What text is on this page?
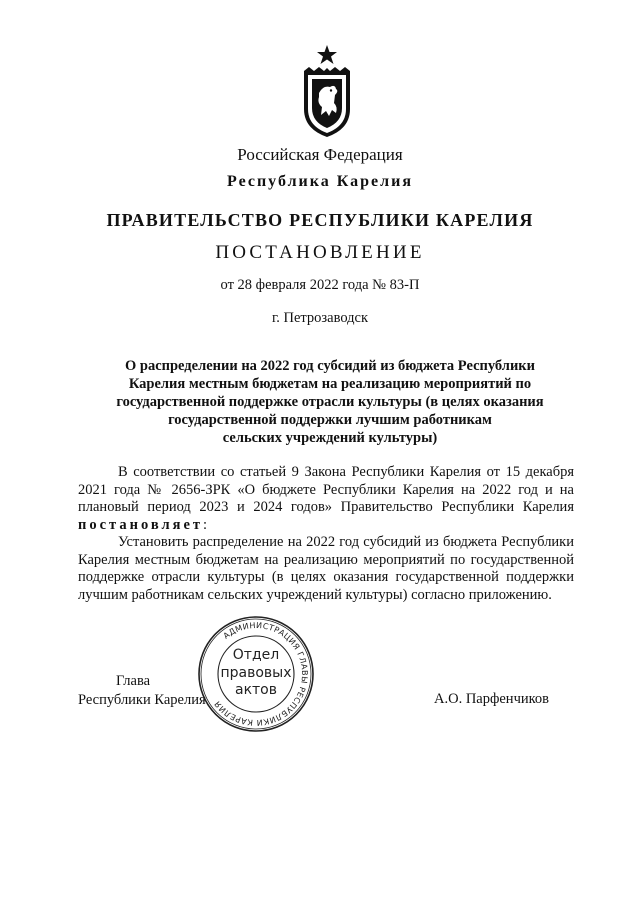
Российская Федерация
Республика Карелия
ПРАВИТЕЛЬСТВО РЕСПУБЛИКИ КАРЕЛИЯ
ПОСТАНОВЛЕНИЕ
от 28 февраля 2022 года № 83-П
г. Петрозаводск
О распределении на 2022 год субсидий из бюджета Республики
Карелия местным бюджетам на реализацию мероприятий по
государственной поддержке отрасли культуры (в целях оказания
государственной поддержки лучшим работникам
сельских учреждений культуры)

В соответствии со статьей 9 Закона Республики Карелия от 15 декабря 2021 года № 2656-ЗРК «О бюджете Республики Карелия на 2022 год и на плановый период 2023 и 2024 годов» Правительство Республики Карелия постановляет:

Установить распределение на 2022 год субсидий из бюджета Республики Карелия местным бюджетам на реализацию мероприятий по государственной поддержке отрасли культуры (в целях оказания государственной поддержки лучшим работникам сельских учреждений культуры) согласно приложению.

Глава
Республики Карелия	А.О. Парфенчиков
АДМИНИСТРАЦИЯ ГЛАВЫ РЕСПУБЛИКИ КАРЕЛИЯ
Отдел
правовых
актов
